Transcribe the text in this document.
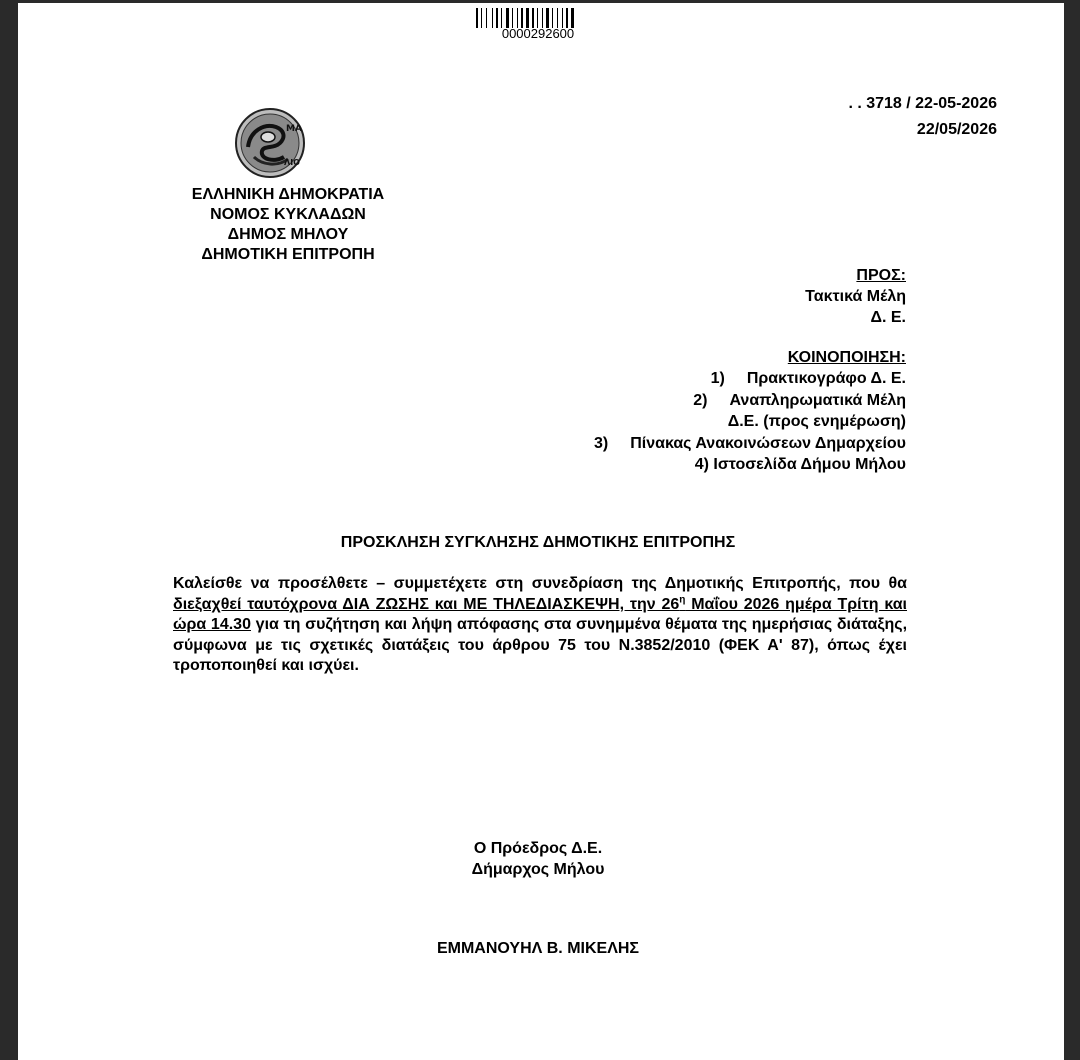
0000292600
. . 3718 / 22-05-2026
22/05/2026
ΜΑ
ΛΙΟ
ΕΛΛΗΝΙΚΗ ΔΗΜΟΚΡΑΤΙΑ
ΝΟΜΟΣ ΚΥΚΛΑΔΩΝ
ΔΗΜΟΣ ΜΗΛΟΥ
ΔΗΜΟΤΙΚΗ ΕΠΙΤΡΟΠΗ
ΠΡΟΣ:
Τακτικά Μέλη
Δ. Ε.
ΚΟΙΝΟΠΟΙΗΣΗ:
1) Πρακτικογράφο Δ. Ε.
2) Αναπληρωματικά Μέλη
Δ.Ε. (προς ενημέρωση)
3) Πίνακας Ανακοινώσεων Δημαρχείου
4) Ιστοσελίδα Δήμου Μήλου
ΠΡΟΣΚΛΗΣΗ ΣΥΓΚΛΗΣΗΣ ΔΗΜΟΤΙΚΗΣ ΕΠΙΤΡΟΠΗΣ
Καλείσθε να προσέλθετε – συμμετέχετε στη συνεδρίαση της Δημοτικής Επιτροπής, που θα διεξαχθεί ταυτόχρονα ΔΙΑ ΖΩΣΗΣ και ΜΕ ΤΗΛΕΔΙΑΣΚΕΨΗ, την $26^\eta$ Μαΐου 2026 ημέρα Τρίτη και ώρα 14.30 για τη συζήτηση και λήψη απόφασης στα συνημμένα θέματα της ημερήσιας διάταξης, σύμφωνα με τις σχετικές διατάξεις του άρθρου 75 του Ν.3852/2010 (ΦΕΚ Α' 87), όπως έχει τροποποιηθεί και ισχύει.
Ο Πρόεδρος Δ.Ε.
Δήμαρχος Μήλου
ΕΜΜΑΝΟΥΗΛ Β. ΜΙΚΕΛΗΣ
